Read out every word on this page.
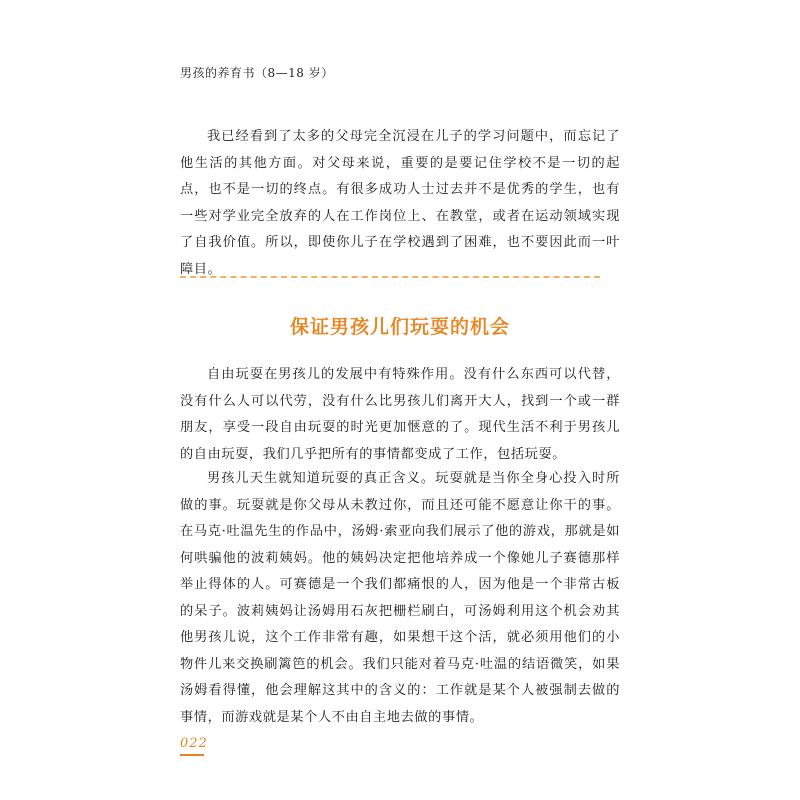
男孩的养育书（8—18 岁）

我已经看到了太多的父母完全沉浸在儿子的学习问题中，而忘记了他生活的其他方面。对父母来说，重要的是要记住学校不是一切的起点，也不是一切的终点。有很多成功人士过去并不是优秀的学生，也有一些对学业完全放弃的人在工作岗位上、在教堂，或者在运动领域实现了自我价值。所以，即使你儿子在学校遇到了困难，也不要因此而一叶障目。

保证男孩儿们玩耍的机会

自由玩耍在男孩儿的发展中有特殊作用。没有什么东西可以代替，没有什么人可以代劳，没有什么比男孩儿们离开大人，找到一个或一群朋友，享受一段自由玩耍的时光更加惬意的了。现代生活不利于男孩儿的自由玩耍，我们几乎把所有的事情都变成了工作，包括玩耍。

男孩儿天生就知道玩耍的真正含义。玩耍就是当你全身心投入时所做的事。玩耍就是你父母从未教过你，而且还可能不愿意让你干的事。在马克·吐温先生的作品中，汤姆·索亚向我们展示了他的游戏，那就是如何哄骗他的波莉姨妈。他的姨妈决定把他培养成一个像她儿子赛德那样举止得体的人。可赛德是一个我们都痛恨的人，因为他是一个非常古板的呆子。波莉姨妈让汤姆用石灰把栅栏刷白，可汤姆利用这个机会劝其他男孩儿说，这个工作非常有趣，如果想干这个活，就必须用他们的小物件儿来交换刷篱笆的机会。我们只能对着马克·吐温的结语微笑，如果汤姆看得懂，他会理解这其中的含义的：工作就是某个人被强制去做的事情，而游戏就是某个人不由自主地去做的事情。

022
